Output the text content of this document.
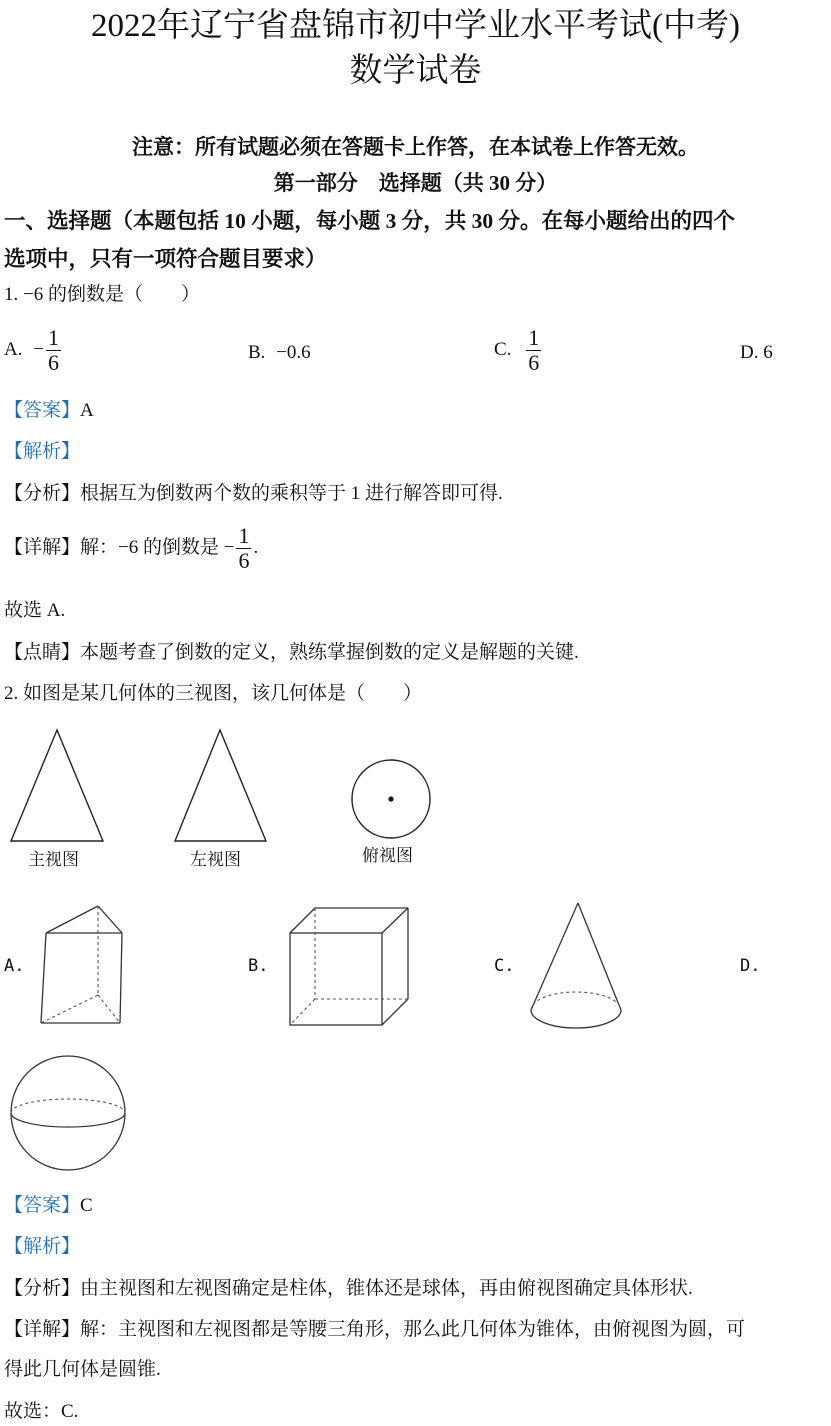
2022年辽宁省盘锦市初中学业水平考试(中考)
数学试卷
注意：所有试题必须在答题卡上作答，在本试卷上作答无效。
第一部分　选择题（共 30 分）
一、选择题（本题包括 10 小题，每小题 3 分，共 30 分。在每小题给出的四个
选项中，只有一项符合题目要求）
1. −6 的倒数是（　　）
A. − $\frac{1}{6}$	B. −0.6	C. $\frac{1}{6}$	D. 6
【答案】A
【解析】
【分析】根据互为倒数两个数的乘积等于 1 进行解答即可得.
【详解】解：−6 的倒数是 − $\frac{1}{6}$ .
故选 A.
【点睛】本题考查了倒数的定义，熟练掌握倒数的定义是解题的关键.
2. 如图是某几何体的三视图，该几何体是（　　）
主视图	左视图	俯视图
A.	B.	C.	D.
【答案】C
【解析】
【分析】由主视图和左视图确定是柱体，锥体还是球体，再由俯视图确定具体形状.
【详解】解：主视图和左视图都是等腰三角形，那么此几何体为锥体，由俯视图为圆，可
得此几何体是圆锥.
故选：C.
